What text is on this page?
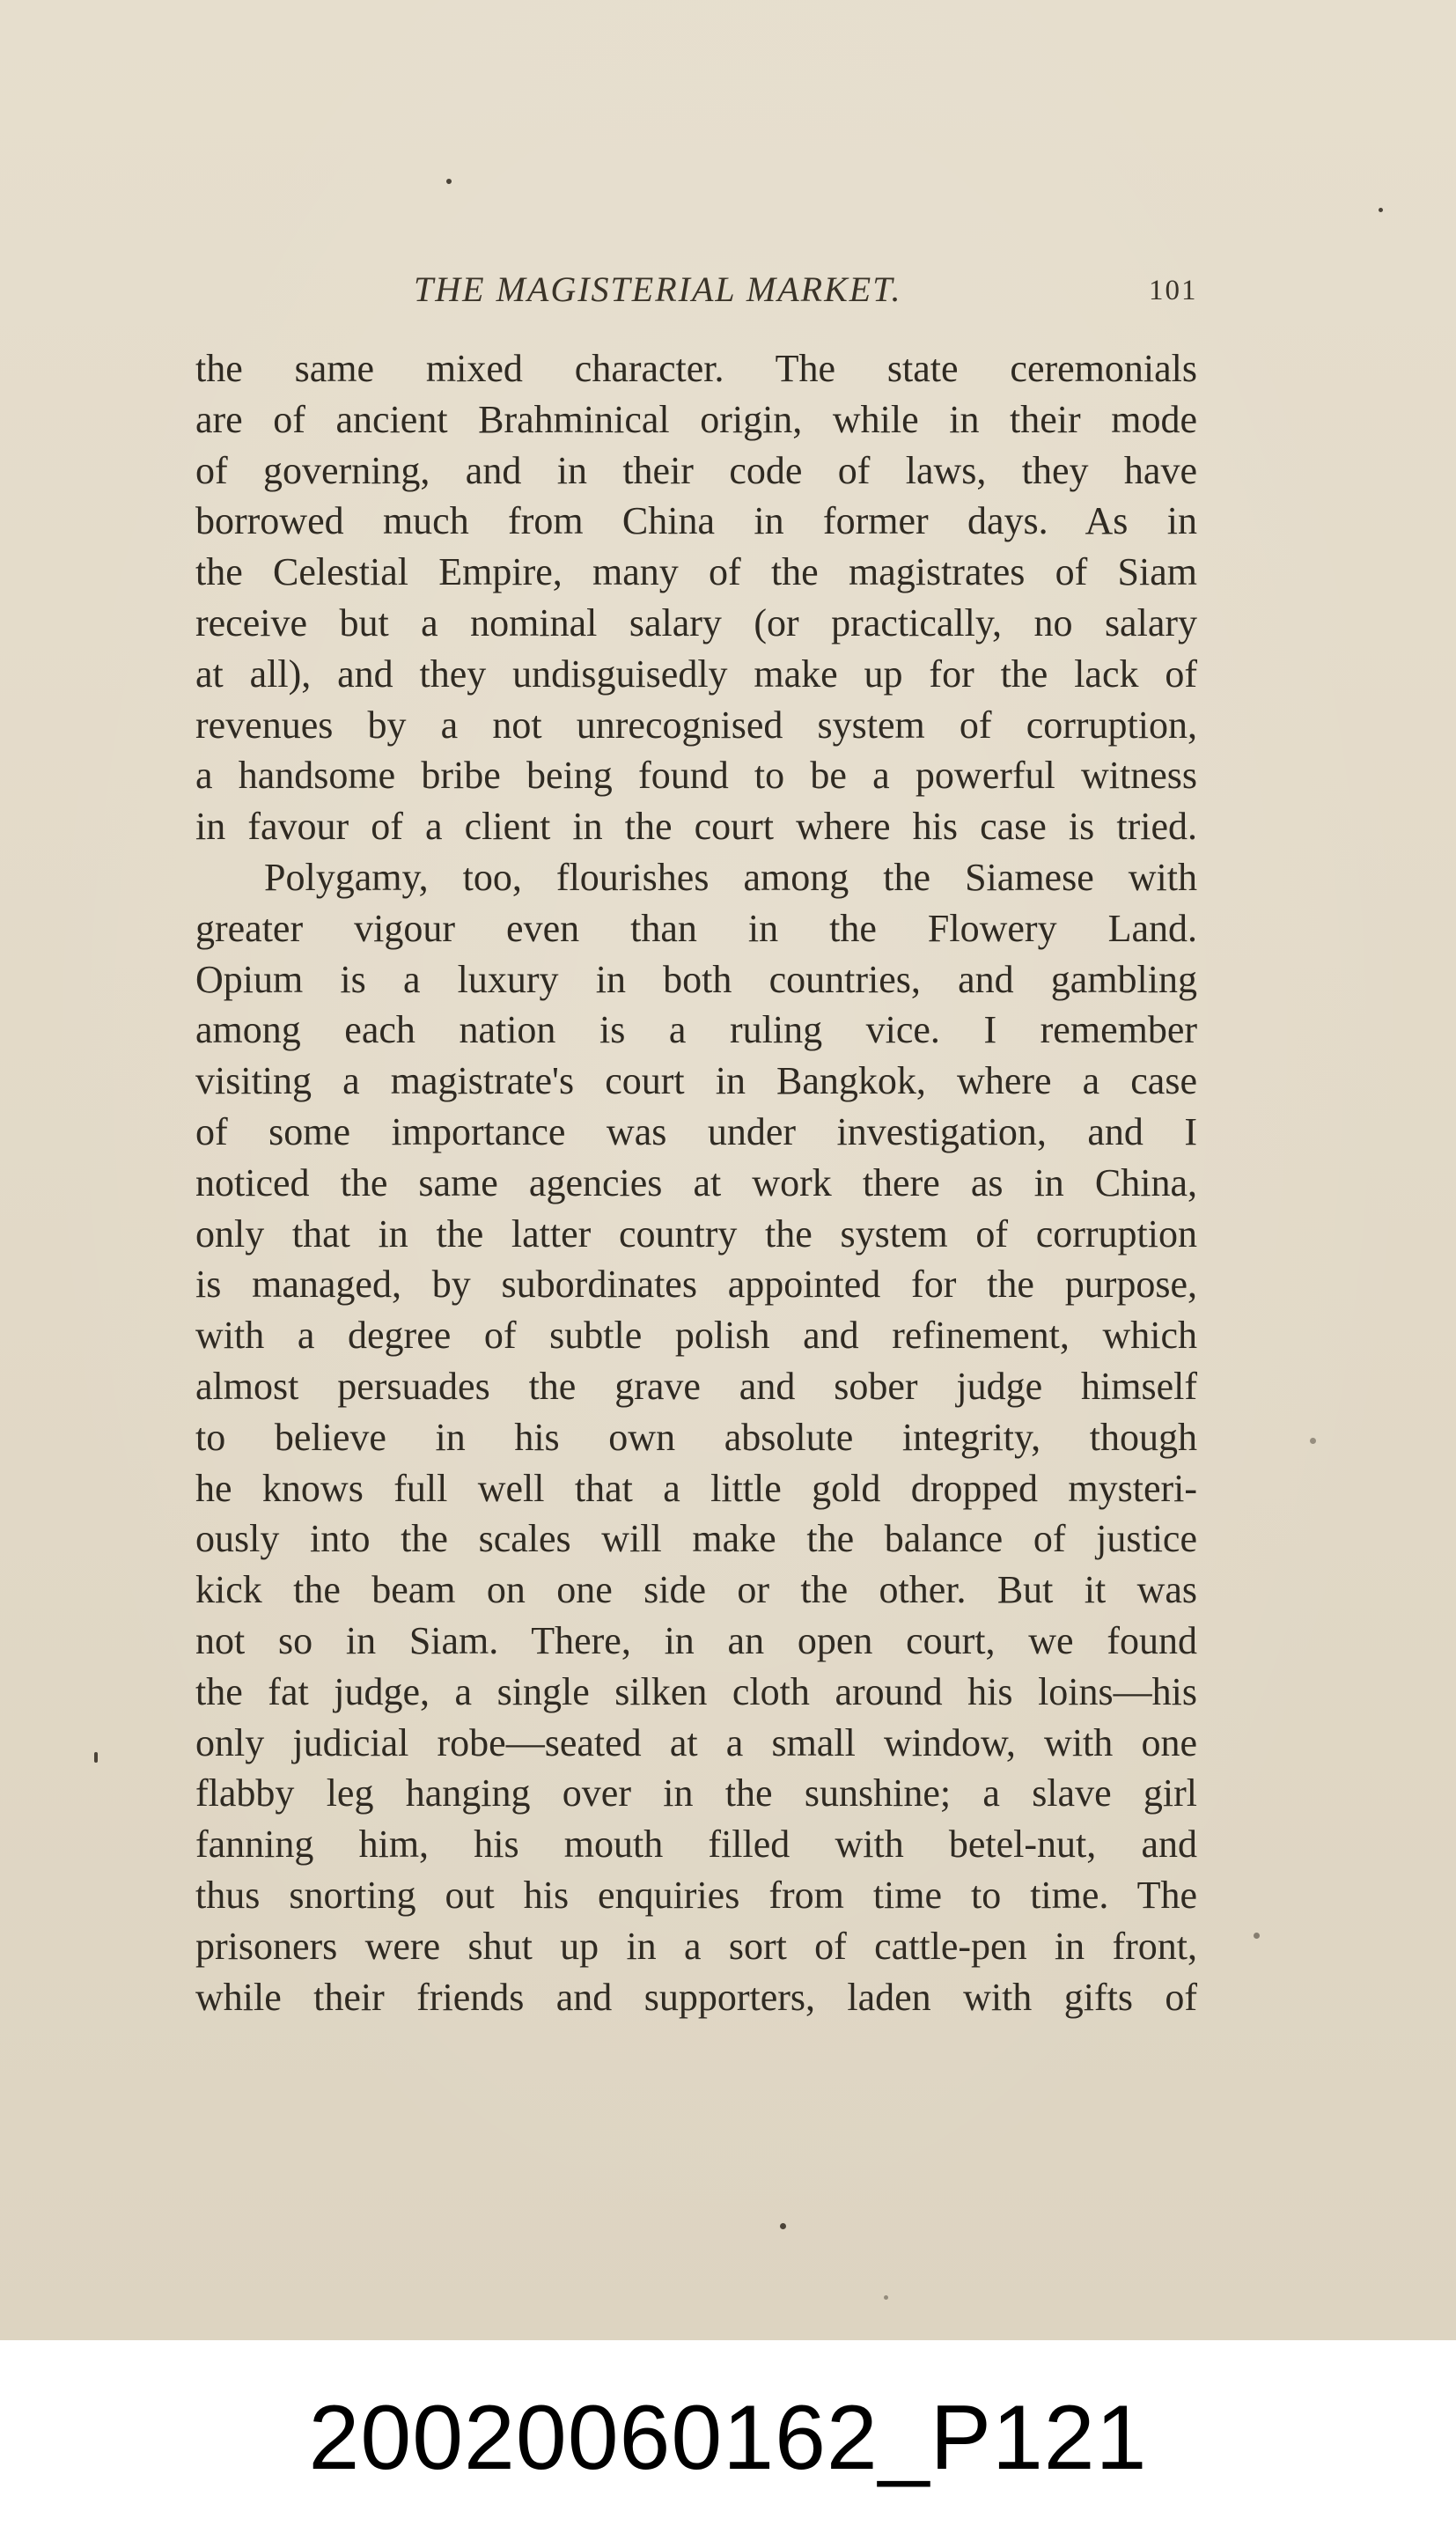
THE MAGISTERIAL MARKET.	101
the same mixed character. The state ceremonials
are of ancient Brahminical origin, while in their mode
of governing, and in their code of laws, they have
borrowed much from China in former days. As in
the Celestial Empire, many of the magistrates of Siam
receive but a nominal salary (or practically, no salary
at all), and they undisguisedly make up for the lack of
revenues by a not unrecognised system of corruption,
a handsome bribe being found to be a powerful witness
in favour of a client in the court where his case is tried.
Polygamy, too, flourishes among the Siamese with
greater vigour even than in the Flowery Land.
Opium is a luxury in both countries, and gambling
among each nation is a ruling vice. I remember
visiting a magistrate's court in Bangkok, where a case
of some importance was under investigation, and I
noticed the same agencies at work there as in China,
only that in the latter country the system of corruption
is managed, by subordinates appointed for the purpose,
with a degree of subtle polish and refinement, which
almost persuades the grave and sober judge himself
to believe in his own absolute integrity, though
he knows full well that a little gold dropped mysteri-
ously into the scales will make the balance of justice
kick the beam on one side or the other. But it was
not so in Siam. There, in an open court, we found
the fat judge, a single silken cloth around his loins—his
only judicial robe—seated at a small window, with one
flabby leg hanging over in the sunshine; a slave girl
fanning him, his mouth filled with betel-nut, and
thus snorting out his enquiries from time to time. The
prisoners were shut up in a sort of cattle-pen in front,
while their friends and supporters, laden with gifts of
20020060162_P121
